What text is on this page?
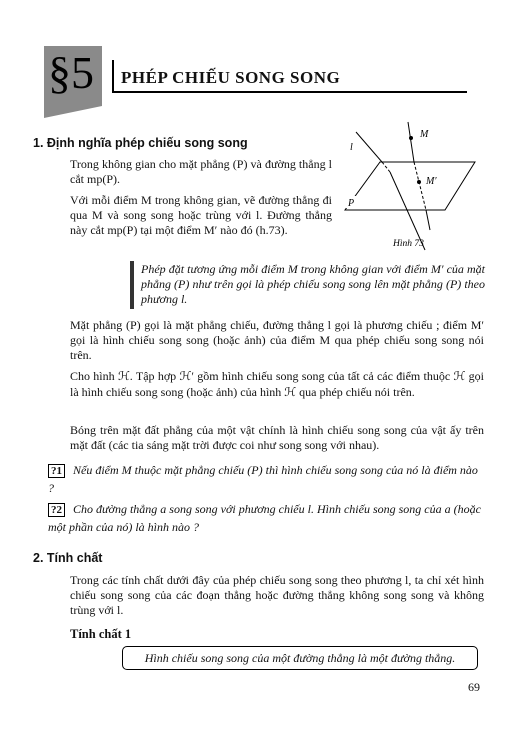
§5 PHÉP CHIẾU SONG SONG
1. Định nghĩa phép chiếu song song
M
M′
l
P
Hình 73
Trong không gian cho mặt phẳng (P) và đường thẳng l cắt mp(P).
Với mỗi điểm M trong không gian, vẽ đường thẳng đi qua M và song song hoặc trùng với l. Đường thẳng này cắt mp(P) tại một điểm M′ nào đó (h.73).
Phép đặt tương ứng mỗi điểm M trong không gian với điểm M′ của mặt phẳng (P) như trên gọi là phép chiếu song song lên mặt phẳng (P) theo phương l.
Mặt phẳng (P) gọi là mặt phẳng chiếu, đường thẳng l gọi là phương chiếu ; điểm M′ gọi là hình chiếu song song (hoặc ảnh) của điểm M qua phép chiếu song song nói trên.
Cho hình ℋ. Tập hợp ℋ′ gồm hình chiếu song song của tất cả các điểm thuộc ℋ gọi là hình chiếu song song (hoặc ảnh) của hình ℋ qua phép chiếu nói trên.
Bóng trên mặt đất phẳng của một vật chính là hình chiếu song song của vật ấy trên mặt đất (các tia sáng mặt trời được coi như song song với nhau).
?1 Nếu điểm M thuộc mặt phẳng chiếu (P) thì hình chiếu song song của nó là điểm nào ?
?2 Cho đường thẳng a song song với phương chiếu l. Hình chiếu song song của a (hoặc một phần của nó) là hình nào ?
2. Tính chất
Trong các tính chất dưới đây của phép chiếu song song theo phương l, ta chỉ xét hình chiếu song song của các đoạn thẳng hoặc đường thẳng không song song và không trùng với l.
Tính chất 1
Hình chiếu song song của một đường thẳng là một đường thẳng.
69
